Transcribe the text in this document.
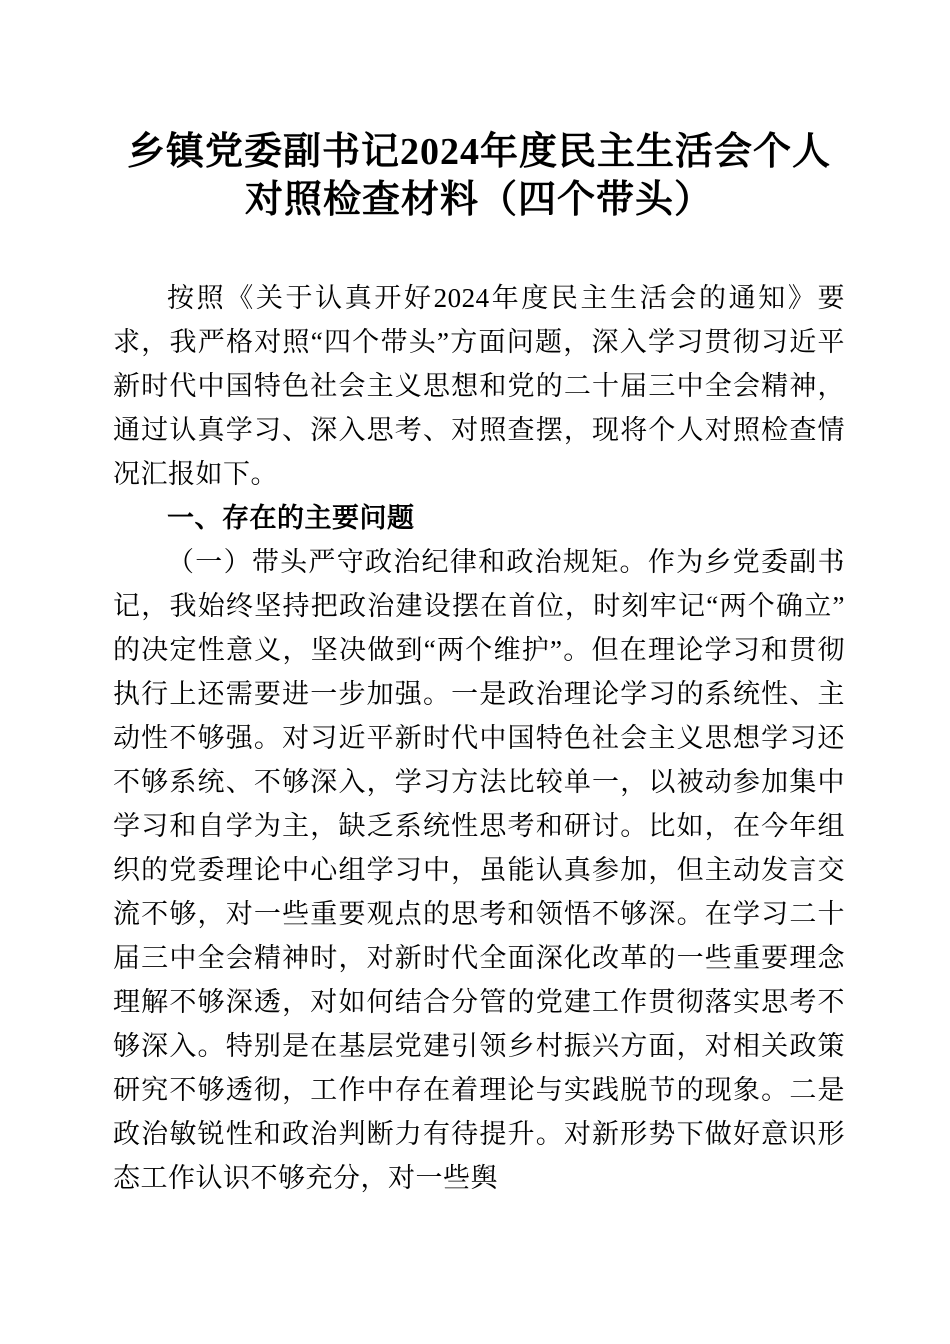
乡镇党委副书记2024年度民主生活会个人对照检查材料（四个带头）

按照《关于认真开好2024年度民主生活会的通知》要求，我严格对照“四个带头”方面问题，深入学习贯彻习近平新时代中国特色社会主义思想和党的二十届三中全会精神，通过认真学习、深入思考、对照查摆，现将个人对照检查情况汇报如下。

一、存在的主要问题

（一）带头严守政治纪律和政治规矩。作为乡党委副书记，我始终坚持把政治建设摆在首位，时刻牢记“两个确立”的决定性意义，坚决做到“两个维护”。但在理论学习和贯彻执行上还需要进一步加强。一是政治理论学习的系统性、主动性不够强。对习近平新时代中国特色社会主义思想学习还不够系统、不够深入，学习方法比较单一，以被动参加集中学习和自学为主，缺乏系统性思考和研讨。比如，在今年组织的党委理论中心组学习中，虽能认真参加，但主动发言交流不够，对一些重要观点的思考和领悟不够深。在学习二十届三中全会精神时，对新时代全面深化改革的一些重要理念理解不够深透，对如何结合分管的党建工作贯彻落实思考不够深入。特别是在基层党建引领乡村振兴方面，对相关政策研究不够透彻，工作中存在着理论与实践脱节的现象。二是政治敏锐性和政治判断力有待提升。对新形势下做好意识形态工作认识不够充分，对一些舆
